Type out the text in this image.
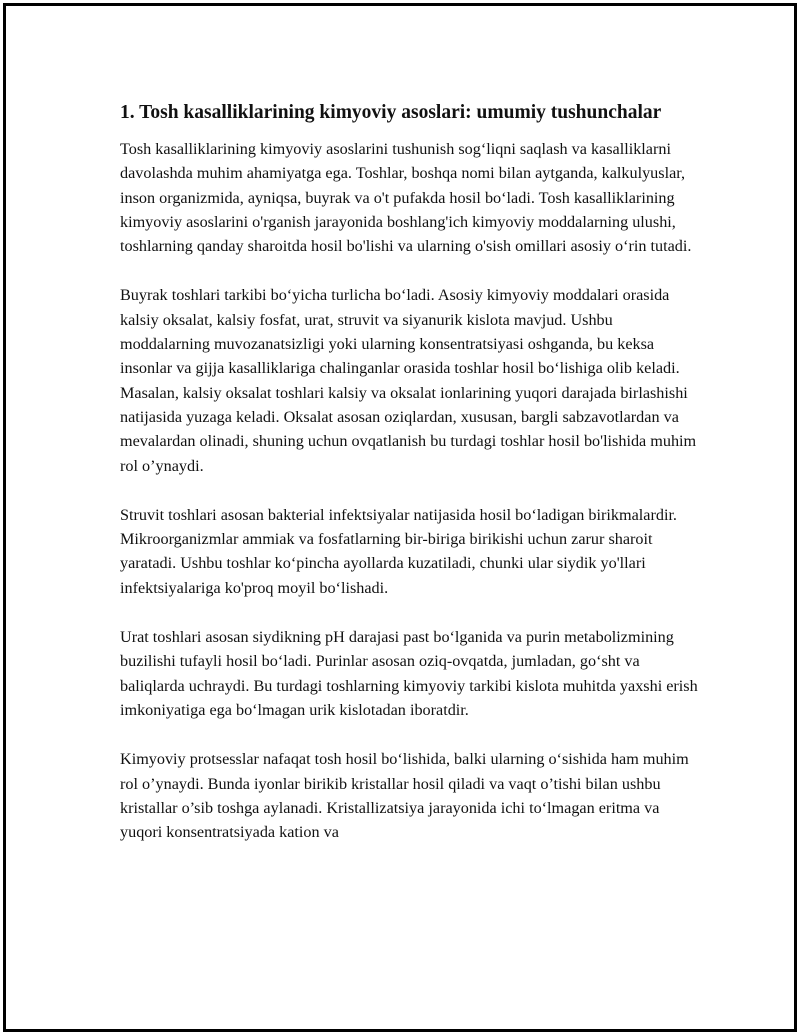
1. Tosh kasalliklarining kimyoviy asoslari: umumiy tushunchalar

Tosh kasalliklarining kimyoviy asoslarini tushunish sog‘liqni saqlash va kasalliklarni davolashda muhim ahamiyatga ega. Toshlar, boshqa nomi bilan aytganda, kalkulyuslar, inson organizmida, ayniqsa, buyrak va o't pufakda hosil bo‘ladi. Tosh kasalliklarining kimyoviy asoslarini o'rganish jarayonida boshlang'ich kimyoviy moddalarning ulushi, toshlarning qanday sharoitda hosil bo'lishi va ularning o'sish omillari asosiy o‘rin tutadi.

Buyrak toshlari tarkibi bo‘yicha turlicha bo‘ladi. Asosiy kimyoviy moddalari orasida kalsiy oksalat, kalsiy fosfat, urat, struvit va siyanurik kislota mavjud. Ushbu moddalarning muvozanatsizligi yoki ularning konsentratsiyasi oshganda, bu keksa insonlar va gijja kasalliklariga chalinganlar orasida toshlar hosil bo‘lishiga olib keladi. Masalan, kalsiy oksalat toshlari kalsiy va oksalat ionlarining yuqori darajada birlashishi natijasida yuzaga keladi. Oksalat asosan oziqlardan, xususan, bargli sabzavotlardan va mevalardan olinadi, shuning uchun ovqatlanish bu turdagi toshlar hosil bo'lishida muhim rol o’ynaydi.

Struvit toshlari asosan bakterial infektsiyalar natijasida hosil bo‘ladigan birikmalardir. Mikroorganizmlar ammiak va fosfatlarning bir-biriga birikishi uchun zarur sharoit yaratadi. Ushbu toshlar ko‘pincha ayollarda kuzatiladi, chunki ular siydik yo'llari infektsiyalariga ko'proq moyil bo‘lishadi.

Urat toshlari asosan siydikning pH darajasi past bo‘lganida va purin metabolizmining buzilishi tufayli hosil bo‘ladi. Purinlar asosan oziq-ovqatda, jumladan, go‘sht va baliqlarda uchraydi. Bu turdagi toshlarning kimyoviy tarkibi kislota muhitda yaxshi erish imkoniyatiga ega bo‘lmagan urik kislotadan iboratdir.

Kimyoviy protsesslar nafaqat tosh hosil bo‘lishida, balki ularning o‘sishida ham muhim rol o’ynaydi. Bunda iyonlar birikib kristallar hosil qiladi va vaqt o’tishi bilan ushbu kristallar o’sib toshga aylanadi. Kristallizatsiya jarayonida ichi to‘lmagan eritma va yuqori konsentratsiyada kation va
